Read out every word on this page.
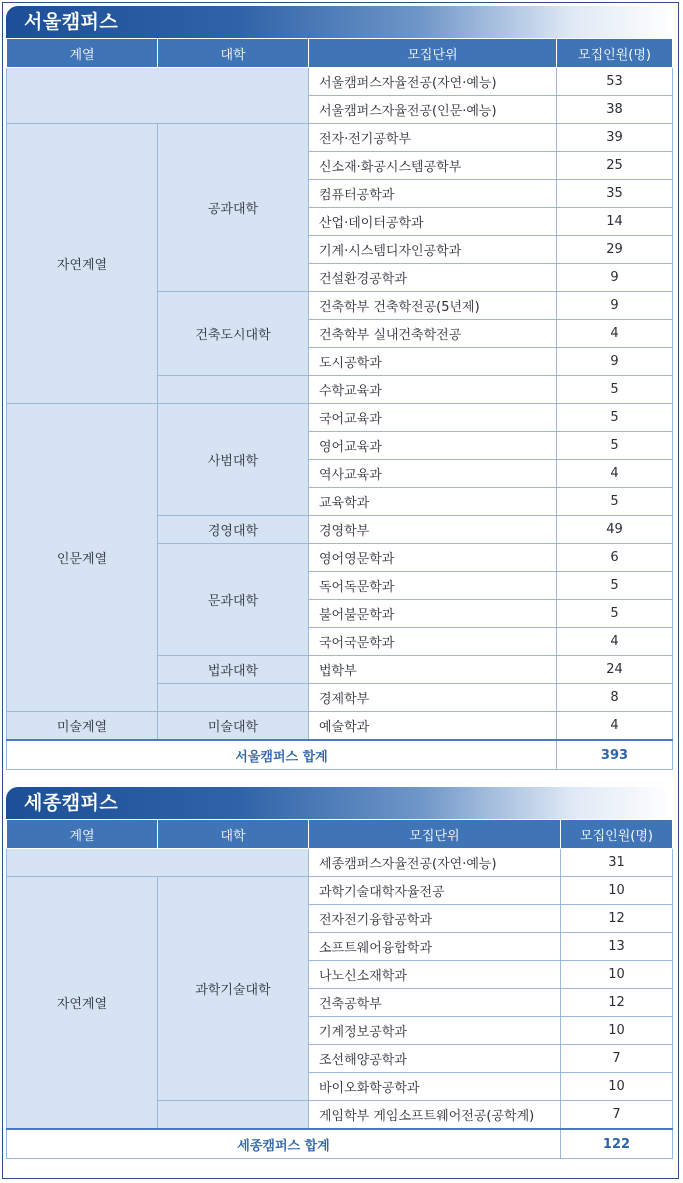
서울캠퍼스
계열	대학	모집단위	모집인원(명)
		서울캠퍼스자율전공(자연·예능)	53
		서울캠퍼스자율전공(인문·예능)	38
자연계열	공과대학	전자·전기공학부	39
		신소재·화공시스템공학부	25
		컴퓨터공학과	35
		산업·데이터공학과	14
		기계·시스템디자인공학과	29
		건설환경공학과	9
	건축도시대학	건축학부 건축학전공(5년제)	9
		건축학부 실내건축학전공	4
		도시공학과	9
		수학교육과	5
인문계열	사범대학	국어교육과	5
		영어교육과	5
		역사교육과	4
		교육학과	5
	경영대학	경영학부	49
	문과대학	영어영문학과	6
		독어독문학과	5
		불어불문학과	5
		국어국문학과	4
	법과대학	법학부	24
		경제학부	8
미술계열	미술대학	예술학과	4
서울캠퍼스 합계			393
세종캠퍼스
계열	대학	모집단위	모집인원(명)
		세종캠퍼스자율전공(자연·예능)	31
자연계열	과학기술대학	과학기술대학자율전공	10
		전자전기융합공학과	12
		소프트웨어융합학과	13
		나노신소재학과	10
		건축공학부	12
		기계정보공학과	10
		조선해양공학과	7
		바이오화학공학과	10
		게임학부 게임소프트웨어전공(공학계)	7
세종캠퍼스 합계			122
